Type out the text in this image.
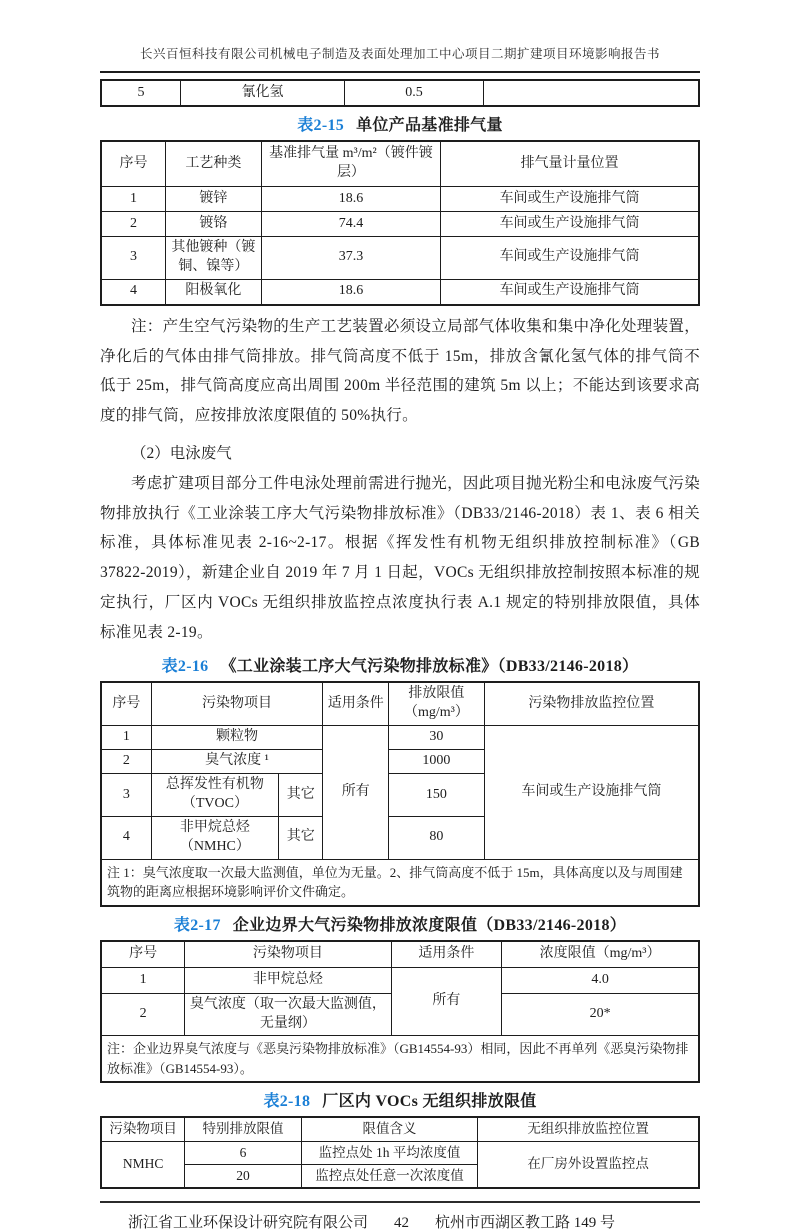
长兴百恒科技有限公司机械电子制造及表面处理加工中心项目二期扩建项目环境影响报告书
5	氰化氢	0.5	
表2-15 单位产品基准排气量
序号	工艺种类	基准排气量 m³/m²（镀件镀层）	排气量计量位置
1	镀锌	18.6	车间或生产设施排气筒
2	镀铬	74.4	车间或生产设施排气筒
3	其他镀种（镀铜、镍等）	37.3	车间或生产设施排气筒
4	阳极氧化	18.6	车间或生产设施排气筒

注：产生空气污染物的生产工艺装置必须设立局部气体收集和集中净化处理装置，净化后的气体由排气筒排放。排气筒高度不低于 15m，排放含氰化氢气体的排气筒不低于 25m，排气筒高度应高出周围 200m 半径范围的建筑 5m 以上；不能达到该要求高度的排气筒，应按排放浓度限值的 50%执行。

（2）电泳废气

考虑扩建项目部分工件电泳处理前需进行抛光，因此项目抛光粉尘和电泳废气污染物排放执行《工业涂装工序大气污染物排放标准》（DB33/2146-2018）表 1、表 6 相关标准，具体标准见表 2-16~2-17。根据《挥发性有机物无组织排放控制标准》（GB 37822-2019），新建企业自 2019 年 7 月 1 日起，VOCs 无组织排放控制按照本标准的规定执行，厂区内 VOCs 无组织排放监控点浓度执行表 A.1 规定的特别排放限值，具体标准见表 2-19。

表2-16 《工业涂装工序大气污染物排放标准》（DB33/2146-2018）
序号	污染物项目		适用条件	排放限值（mg/m³）	污染物排放监控位置
1	颗粒物		所有	30	车间或生产设施排气筒
2	臭气浓度 ¹			1000	
3	总挥发性有机物（TVOC）	其它		150	
4	非甲烷总烃（NMHC）	其它		80	
注 1：臭气浓度取一次最大监测值，单位为无量。2、排气筒高度不低于 15m，具体高度以及与周围建筑物的距离应根据环境影响评价文件确定。					
表2-17 企业边界大气污染物排放浓度限值（DB33/2146-2018）
序号	污染物项目	适用条件	浓度限值（mg/m³）
1	非甲烷总烃	所有	4.0
2	臭气浓度（取一次最大监测值，无量纲）		20*
注：企业边界臭气浓度与《恶臭污染物排放标准》（GB14554-93）相同，因此不再单列《恶臭污染物排放标准》（GB14554-93）。			
表2-18 厂区内 VOCs 无组织排放限值
污染物项目	特别排放限值	限值含义	无组织排放监控位置
NMHC	6	监控点处 1h 平均浓度值	在厂房外设置监控点
	20	监控点处任意一次浓度值	
浙江省工业环保设计研究院有限公司 42 杭州市西湖区教工路 149 号
